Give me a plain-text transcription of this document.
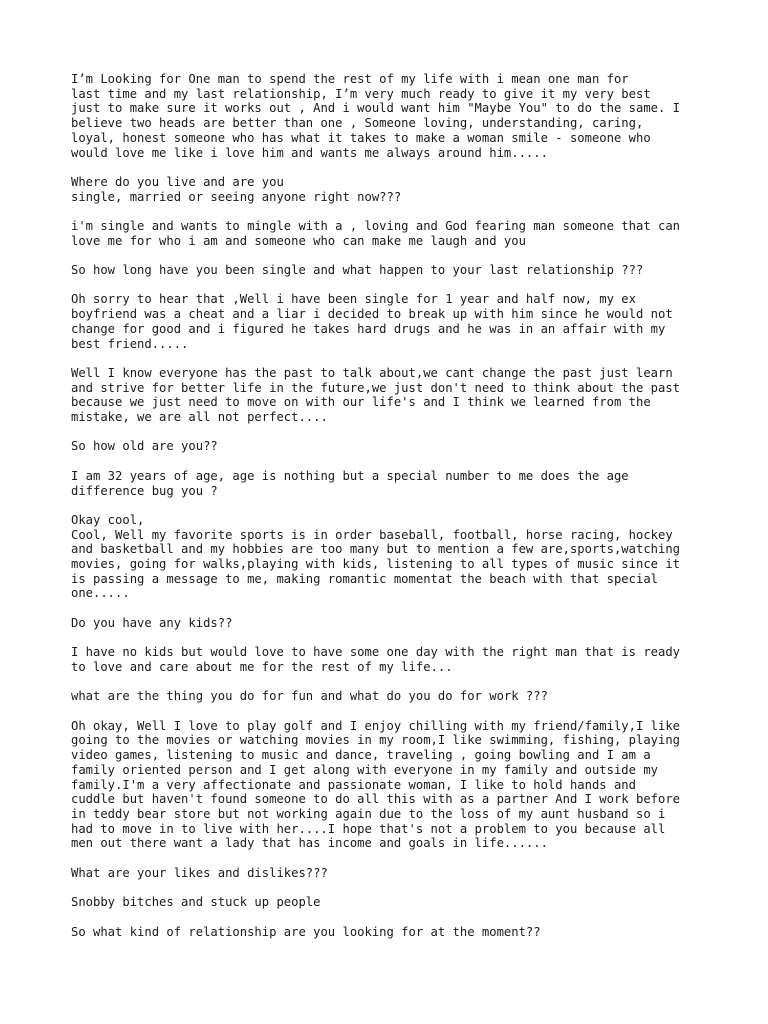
I’m Looking for One man to spend the rest of my life with i mean one man for
last time and my last relationship, I’m very much ready to give it my very best
just to make sure it works out , And i would want him "Maybe You" to do the same. I
believe two heads are better than one , Someone loving, understanding, caring,
loyal, honest someone who has what it takes to make a woman smile - someone who
would love me like i love him and wants me always around him.....

Where do you live and are you
single, married or seeing anyone right now???

i'm single and wants to mingle with a , loving and God fearing man someone that can
love me for who i am and someone who can make me laugh and you

So how long have you been single and what happen to your last relationship ???

Oh sorry to hear that ,Well i have been single for 1 year and half now, my ex
boyfriend was a cheat and a liar i decided to break up with him since he would not
change for good and i figured he takes hard drugs and he was in an affair with my
best friend.....

Well I know everyone has the past to talk about,we cant change the past just learn
and strive for better life in the future,we just don't need to think about the past
because we just need to move on with our life's and I think we learned from the
mistake, we are all not perfect....

So how old are you??

I am 32 years of age, age is nothing but a special number to me does the age
difference bug you ?

Okay cool,
Cool, Well my favorite sports is in order baseball, football, horse racing, hockey
and basketball and my hobbies are too many but to mention a few are,sports,watching
movies, going for walks,playing with kids, listening to all types of music since it
is passing a message to me, making romantic momentat the beach with that special
one.....

Do you have any kids??

I have no kids but would love to have some one day with the right man that is ready
to love and care about me for the rest of my life...

what are the thing you do for fun and what do you do for work ???

Oh okay, Well I love to play golf and I enjoy chilling with my friend/family,I like
going to the movies or watching movies in my room,I like swimming, fishing, playing
video games, listening to music and dance, traveling , going bowling and I am a
family oriented person and I get along with everyone in my family and outside my
family.I'm a very affectionate and passionate woman, I like to hold hands and
cuddle but haven't found someone to do all this with as a partner And I work before
in teddy bear store but not working again due to the loss of my aunt husband so i
had to move in to live with her....I hope that's not a problem to you because all
men out there want a lady that has income and goals in life......

What are your likes and dislikes???

Snobby bitches and stuck up people

So what kind of relationship are you looking for at the moment??
